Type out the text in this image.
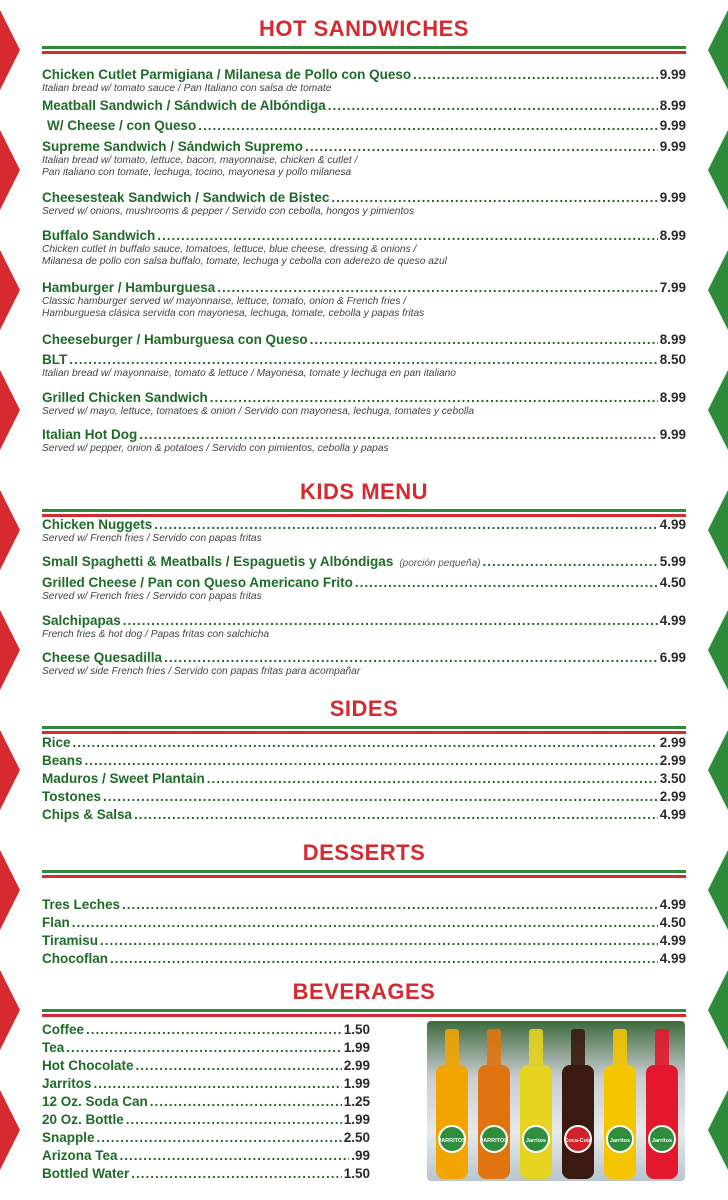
HOT SANDWICHES
Chicken Cutlet Parmigiana / Milanesa de Pollo con Queso .....	9.99
Italian bread w/ tomato sauce / Pan Italiano con salsa de tomate
Meatball Sandwich / Sándwich de Albóndiga .....	8.99
W/ Cheese / con Queso .....	9.99
Supreme Sandwich / Sándwich Supremo .....	9.99
Italian bread w/ tomato, lettuce, bacon, mayonnaise, chicken & cutlet /
Pan italiano con tomate, lechuga, tocino, mayonesa y pollo milanesa
Cheesesteak Sandwich / Sandwich de Bistec .....	9.99
Served w/ onions, mushrooms & pepper / Servido con cebolla, hongos y pimientos
Buffalo Sandwich .....	8.99
Chicken cutlet in buffalo sauce, tomatoes, lettuce, blue cheese, dressing & onions /
Milanesa de pollo con salsa buffalo, tomate, lechuga y cebolla con aderezo de queso azul
Hamburger / Hamburguesa .....	7.99
Classic hamburger served w/ mayonnaise, lettuce, tomato, onion & French fries /
Hamburguesa clásica servida con mayonesa, lechuga, tomate, cebolla y papas fritas
Cheeseburger / Hamburguesa con Queso .....	8.99
BLT .....	8.50
Italian bread w/ mayonnaise, tomato & lettuce / Mayonesa, tomate y lechuga en pan italiano
Grilled Chicken Sandwich .....	8.99
Served w/ mayo, lettuce, tomatoes & onion / Servido con mayonesa, lechuga, tomates y cebolla
Italian Hot Dog .....	9.99
Served w/ pepper, onion & potatoes / Servido con pimientos, cebolla y papas
KIDS MENU
Chicken Nuggets .....	4.99
Served w/ French fries / Servido con papas fritas
Small Spaghetti & Meatballs / Espaguetis y Albóndigas (porción pequeña) .....	5.99
Grilled Cheese / Pan con Queso Americano Frito .....	4.50
Served w/ French fries / Servido con papas fritas
Salchipapas .....	4.99
French fries & hot dog / Papas fritas con salchicha
Cheese Quesadilla .....	6.99
Served w/ side French fries / Servido con papas fritas para acompañar
SIDES
Rice .....	2.99
Beans .....	2.99
Maduros / Sweet Plantain .....	3.50
Tostones .....	2.99
Chips & Salsa .....	4.99
DESSERTS
Tres Leches .....	4.99
Flan .....	4.50
Tiramisu .....	4.99
Chocoflan .....	4.99
BEVERAGES
Coffee .....	1.50
Tea .....	1.99
Hot Chocolate .....	2.99
Jarritos .....	1.99
12 Oz. Soda Can .....	1.25
20 Oz. Bottle .....	1.99
Snapple .....	2.50
Arizona Tea .....	.99
Bottled Water .....	1.50
JARRITOS	JARRITOS	Jarritos	Coca-Cola	Jarritos	Jarritos
